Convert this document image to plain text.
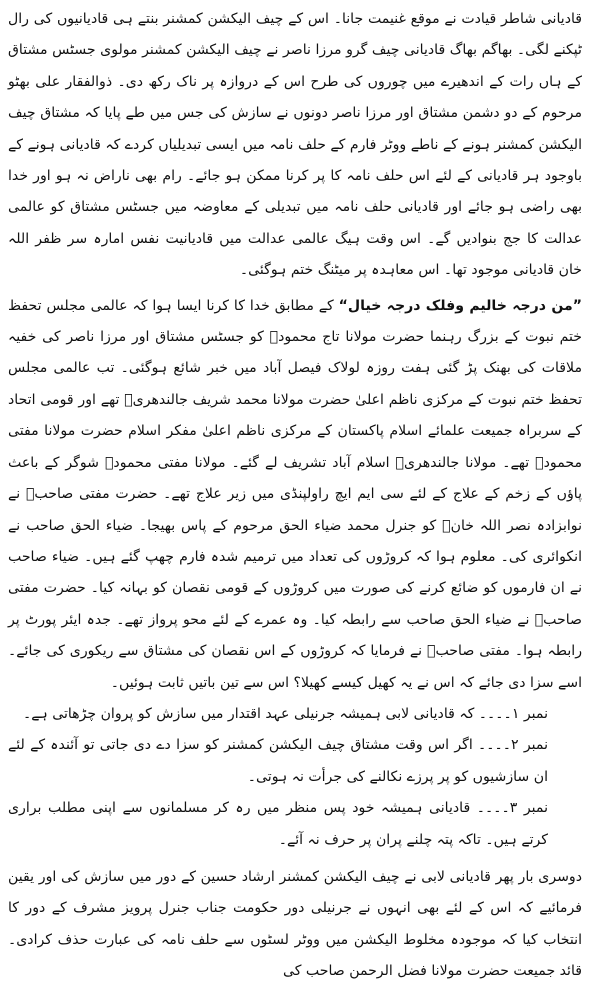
قادیانی شاطر قیادت نے موقع غنیمت جانا۔ اس کے چیف الیکشن کمشنر بنتے ہی قادیانیوں کی رال ٹپکنے لگی۔ بھاگم بھاگ قادیانی چیف گرو مرزا ناصر نے چیف الیکشن کمشنر مولوی جسٹس مشتاق کے ہاں رات کے اندھیرے میں چوروں کی طرح اس کے دروازہ پر ناک رکھ دی۔ ذوالفقار علی بھٹو مرحوم کے دو دشمن مشتاق اور مرزا ناصر دونوں نے سازش کی جس میں طے پایا کہ مشتاق چیف الیکشن کمشنر ہونے کے ناطے ووٹر فارم کے حلف نامہ میں ایسی تبدیلیاں کردے کہ قادیانی ہونے کے باوجود ہر قادیانی کے لئے اس حلف نامہ کا پر کرنا ممکن ہو جائے۔ رام بھی ناراض نہ ہو اور خدا بھی راضی ہو جائے اور قادیانی حلف نامہ میں تبدیلی کے معاوضہ میں جسٹس مشتاق کو عالمی عدالت کا جج بنوادیں گے۔ اس وقت ہیگ عالمی عدالت میں قادیانیت نفس امارہ سر ظفر اللہ خان قادیانی موجود تھا۔ اس معاہدہ پر میٹنگ ختم ہوگئی۔

”من درجہ خالیم وفلک درجہ خیال“ کے مطابق خدا کا کرنا ایسا ہوا کہ عالمی مجلس تحفظ ختم نبوت کے بزرگ رہنما حضرت مولانا تاج محمودؒ کو جسٹس مشتاق اور مرزا ناصر کی خفیہ ملاقات کی بھنک پڑ گئی ہفت روزہ لولاک فیصل آباد میں خبر شائع ہوگئی۔ تب عالمی مجلس تحفظ ختم نبوت کے مرکزی ناظم اعلیٰ حضرت مولانا محمد شریف جالندھریؒ تھے اور قومی اتحاد کے سربراہ جمیعت علمائے اسلام پاکستان کے مرکزی ناظم اعلیٰ مفکر اسلام حضرت مولانا مفتی محمودؒ تھے۔ مولانا جالندھریؒ اسلام آباد تشریف لے گئے۔ مولانا مفتی محمودؒ شوگر کے باعث پاؤں کے زخم کے علاج کے لئے سی ایم ایچ راولپنڈی میں زیر علاج تھے۔ حضرت مفتی صاحبؒ نے نوابزادہ نصر اللہ خانؒ کو جنرل محمد ضیاء الحق مرحوم کے پاس بھیجا۔ ضیاء الحق صاحب نے انکوائری کی۔ معلوم ہوا کہ کروڑوں کی تعداد میں ترمیم شدہ فارم چھپ گئے ہیں۔ ضیاء صاحب نے ان فارموں کو ضائع کرنے کی صورت میں کروڑوں کے قومی نقصان کو بہانہ کیا۔ حضرت مفتی صاحبؒ نے ضیاء الحق صاحب سے رابطہ کیا۔ وہ عمرے کے لئے محو پرواز تھے۔ جدہ ایئر پورٹ پر رابطہ ہوا۔ مفتی صاحبؒ نے فرمایا کہ کروڑوں کے اس نقصان کی مشتاق سے ریکوری کی جائے۔ اسے سزا دی جائے کہ اس نے یہ کھیل کیسے کھیلا؟ اس سے تین باتیں ثابت ہوئیں۔

نمبر ١۔۔۔۔ کہ قادیانی لابی ہمیشہ جرنیلی عہد اقتدار میں سازش کو پروان چڑھاتی ہے۔

نمبر ٢۔۔۔۔ اگر اس وقت مشتاق چیف الیکشن کمشنر کو سزا دے دی جاتی تو آئندہ کے لئے ان سازشیوں کو پر پرزے نکالنے کی جرأت نہ ہوتی۔

نمبر ٣۔۔۔۔ قادیانی ہمیشہ خود پس منظر میں رہ کر مسلمانوں سے اپنی مطلب براری کرتے ہیں۔ تاکہ پتہ چلنے پران پر حرف نہ آئے۔

دوسری بار پھر قادیانی لابی نے چیف الیکشن کمشنر ارشاد حسین کے دور میں سازش کی اور یقین فرمائیے کہ اس کے لئے بھی انہوں نے جرنیلی دور حکومت جناب جنرل پرویز مشرف کے دور کا انتخاب کیا کہ موجودہ مخلوط الیکشن میں ووٹر لسٹوں سے حلف نامہ کی عبارت حذف کرادی۔ قائد جمیعت حضرت مولانا فضل الرحمن صاحب کی
